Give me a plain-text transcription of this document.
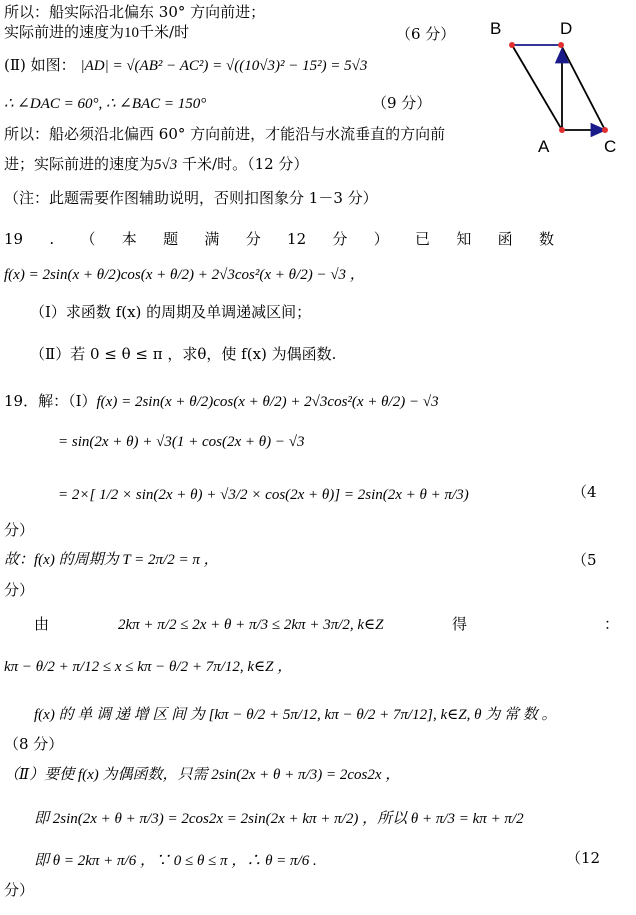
所以：船实际沿北偏东 30° 方向前进；
实际前进的速度为10千米/时	（6 分）
(Ⅱ) 如图： |AD| = √(AB² − AC²) = √((10√3)² − 15²) = 5√3
∴ ∠DAC = 60°, ∴ ∠BAC = 150°	（9 分）
所以：船必须沿北偏西 60° 方向前进，才能沿与水流垂直的方向前
进；实际前进的速度为5√3 千米/时。（12 分）
（注：此题需要作图辅助说明，否则扣图象分 1－3 分）
B	D
A	C
19 . （ 本 题 满 分 12 分 ） 已 知 函 数
f(x) = 2sin(x + θ/2)cos(x + θ/2) + 2√3cos²(x + θ/2) − √3 ，
（Ⅰ）求函数 f(x) 的周期及单调递减区间；
（Ⅱ）若 0 ≤ θ ≤ π ，求θ，使 f(x) 为偶函数.
19．解：（Ⅰ）f(x) = 2sin(x + θ/2)cos(x + θ/2) + 2√3cos²(x + θ/2) − √3
= sin(2x + θ) + √3(1 + cos(2x + θ) − √3
= 2×[ 1/2 × sin(2x + θ) + √3/2 × cos(2x + θ)] = 2sin(2x + θ + π/3)	（4
分）
故：f(x) 的周期为 T = 2π/2 = π ，	（5
分）
由	2kπ + π/2 ≤ 2x + θ + π/3 ≤ 2kπ + 3π/2, k∈Z	得	：
kπ − θ/2 + π/12 ≤ x ≤ kπ − θ/2 + 7π/12, k∈Z ，
f(x) 的 单 调 递 增 区 间 为 [kπ − θ/2 + 5π/12, kπ − θ/2 + 7π/12], k∈Z, θ 为 常 数 。
（8 分）
（Ⅱ）要使 f(x) 为偶函数，只需 2sin(2x + θ + π/3) = 2cos2x ，
即 2sin(2x + θ + π/3) = 2cos2x = 2sin(2x + kπ + π/2) ，所以 θ + π/3 = kπ + π/2
即 θ = 2kπ + π/6 ，∵ 0 ≤ θ ≤ π ，∴ θ = π/6 .	（12
分）
